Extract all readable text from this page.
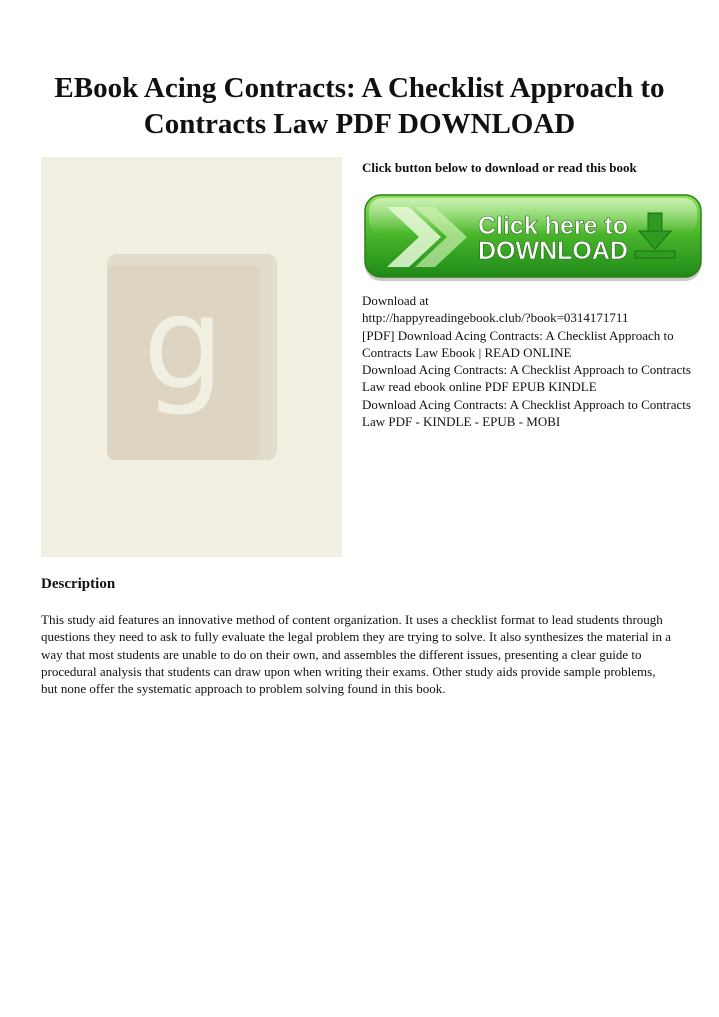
EBook Acing Contracts: A Checklist Approach to Contracts Law PDF DOWNLOAD
g
Click button below to download or read this book
Click here to
DOWNLOAD
Download at
http://happyreadingebook.club/?book=0314171711
[PDF] Download Acing Contracts: A Checklist Approach to Contracts Law Ebook | READ ONLINE
Download Acing Contracts: A Checklist Approach to Contracts Law read ebook online PDF EPUB KINDLE
Download Acing Contracts: A Checklist Approach to Contracts Law PDF - KINDLE - EPUB - MOBI
Description

This study aid features an innovative method of content organization. It uses a checklist format to lead students through questions they need to ask to fully evaluate the legal problem they are trying to solve. It also synthesizes the material in a way that most students are unable to do on their own, and assembles the different issues, presenting a clear guide to procedural analysis that students can draw upon when writing their exams. Other study aids provide sample problems, but none offer the systematic approach to problem solving found in this book.
